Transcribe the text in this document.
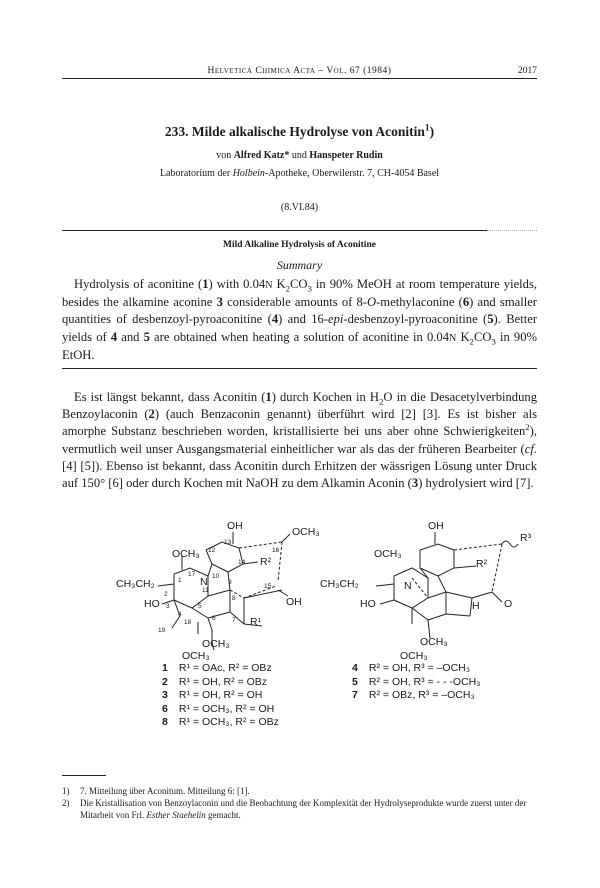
Helvetica Chimica Acta – Vol. 67 (1984)	2017
233. Milde alkalische Hydrolyse von Aconitin$^1$)
von Alfred Katz* und Hanspeter Rudin
Laboratorium der Holbein-Apotheke, Oberwilerstr. 7, CH-4054 Basel
(8.VI.84)
Mild Alkaline Hydrolysis of Aconitine
Summary
Hydrolysis of aconitine (1) with 0.04N $K_2CO_3$ in 90% MeOH at room temperature yields, besides the alkamine aconine 3 considerable amounts of 8-O-methylaconine (6) and smaller quantities of desbenzoyl-pyroaconitine (4) and 16-epi-desbenzoyl-pyroaconitine (5). Better yields of 4 and 5 are obtained when heating a solution of aconitine in 0.04N $K_2CO_3$ in 90% EtOH.
Es ist längst bekannt, dass Aconitin (1) durch Kochen in $H_2O$ in die Desacetylverbindung Benzoylaconin (2) (auch Benzaconin genannt) überführt wird [2] [3]. Es ist bisher als amorphe Substanz beschrieben worden, kristallisierte bei uns aber ohne Schwierigkeiten$^2$), vermutlich weil unser Ausgangsmaterial einheitlicher war als das der früheren Bearbeiter (cf. [4] [5]). Ebenso ist bekannt, dass Aconitin durch Erhitzen der wässrigen Lösung unter Druck auf 150° [6] oder durch Kochen mit NaOH zu dem Alkamin Aconin (3) hydrolysiert wird [7].
OH	OCH₃
OCH₃
CH₃CH₂	N
HO
OCH₃
OCH₃
R²
R¹
OH
12
13
14
16
17	10
9
11
1
2
3
4
5
6	7
8
15
18
19
OH
R³
OCH₃
R²
CH₃CH₂	N
HO	H O
OCH₃
OCH₃
1 R¹ = OAc, R² = OBz
2 R¹ = OH, R² = OBz
3 R¹ = OH, R² = OH
6 R¹ = OCH₃, R² = OH
8 R¹ = OCH₃, R² = OBz
4 R² = OH, R³ = –OCH₃
5 R² = OH, R³ = - - -OCH₃
7 R² = OBz, R³ = –OCH₃
1) 7. Mitteilung über Aconitum. Mitteilung 6: [1].
2) Die Kristallisation von Benzoylaconin und die Beobachtung der Komplexität der Hydrolyseprodukte wurde zuerst unter der Mitarbeit von Frl. Esther Staehelin gemacht.
